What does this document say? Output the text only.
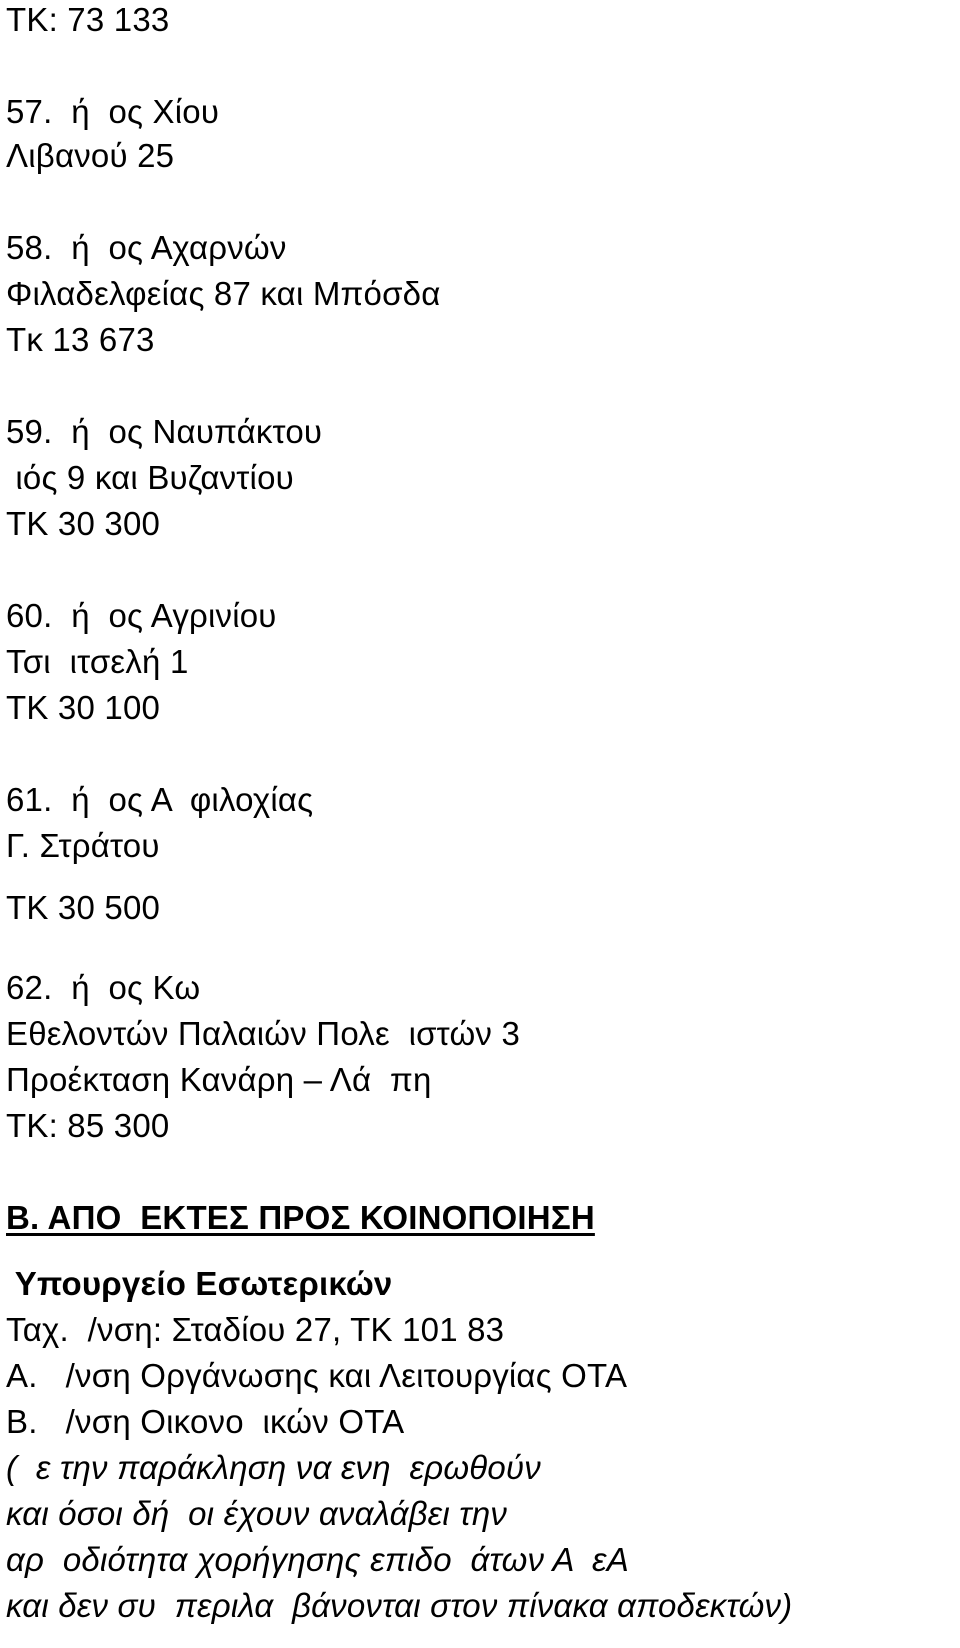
ΤΚ: 73 133

57.  ή  ος Χίου

Λιβανού 25

58.  ή  ος Αχαρνών

Φιλαδελφείας 87 και Μπόσδα

Τκ 13 673

59.  ή  ος Ναυπάκτου

ιός 9 και Βυζαντίου

ΤΚ 30 300

60.  ή  ος Αγρινίου

Τσι  ιτσελή 1

ΤΚ 30 100

61.  ή  ος Α  φιλοχίας

Γ. Στράτου

ΤΚ 30 500

62.  ή  ος Κω

Εθελοντών Παλαιών Πολε  ιστών 3

Προέκταση Κανάρη – Λά  πη

ΤΚ: 85 300

Β. ΑΠΟ  ΕΚΤΕΣ ΠΡΟΣ ΚΟΙΝΟΠΟΙΗΣΗ

Υπουργείο Εσωτερικών

Ταχ.  /νση: Σταδίου 27, ΤΚ 101 83

Α.   /νση Οργάνωσης και Λειτουργίας ΟΤΑ

Β.   /νση Οικονο  ικών ΟΤΑ

(  ε την παράκληση να ενη  ερωθούν

και όσοι δή  οι έχουν αναλάβει την

αρ  οδιότητα χορήγησης επιδο  άτων Α  εΑ

και δεν συ  περιλα  βάνονται στον πίνακα αποδεκτών)
